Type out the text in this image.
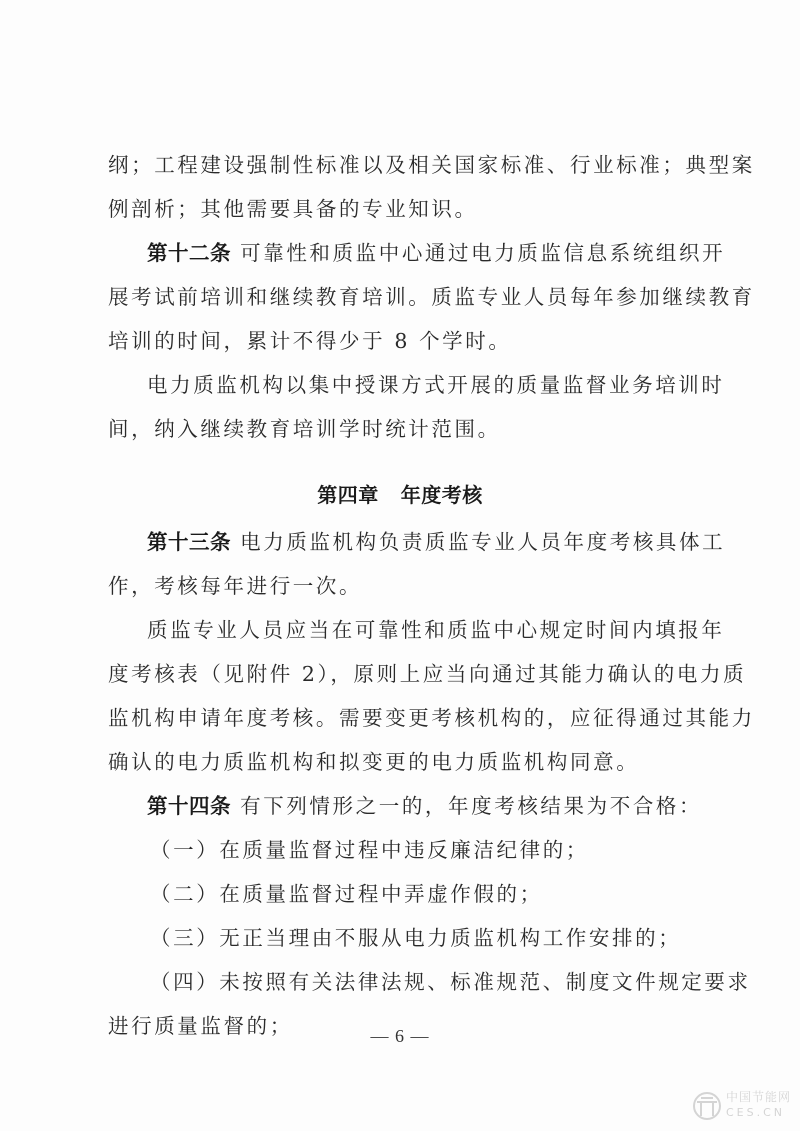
纲；工程建设强制性标准以及相关国家标准、行业标准；典型案
例剖析；其他需要具备的专业知识。
第十二条 可靠性和质监中心通过电力质监信息系统组织开
展考试前培训和继续教育培训。质监专业人员每年参加继续教育
培训的时间，累计不得少于 8 个学时。
电力质监机构以集中授课方式开展的质量监督业务培训时
间，纳入继续教育培训学时统计范围。
第四章 年度考核
第十三条 电力质监机构负责质监专业人员年度考核具体工
作，考核每年进行一次。
质监专业人员应当在可靠性和质监中心规定时间内填报年
度考核表（见附件 2），原则上应当向通过其能力确认的电力质
监机构申请年度考核。需要变更考核机构的，应征得通过其能力
确认的电力质监机构和拟变更的电力质监机构同意。
第十四条 有下列情形之一的，年度考核结果为不合格：
（一）在质量监督过程中违反廉洁纪律的；
（二）在质量监督过程中弄虚作假的；
（三）无正当理由不服从电力质监机构工作安排的；
（四）未按照有关法律法规、标准规范、制度文件规定要求
— 6 —
中国节能网
CES.CN
进行质量监督的；
